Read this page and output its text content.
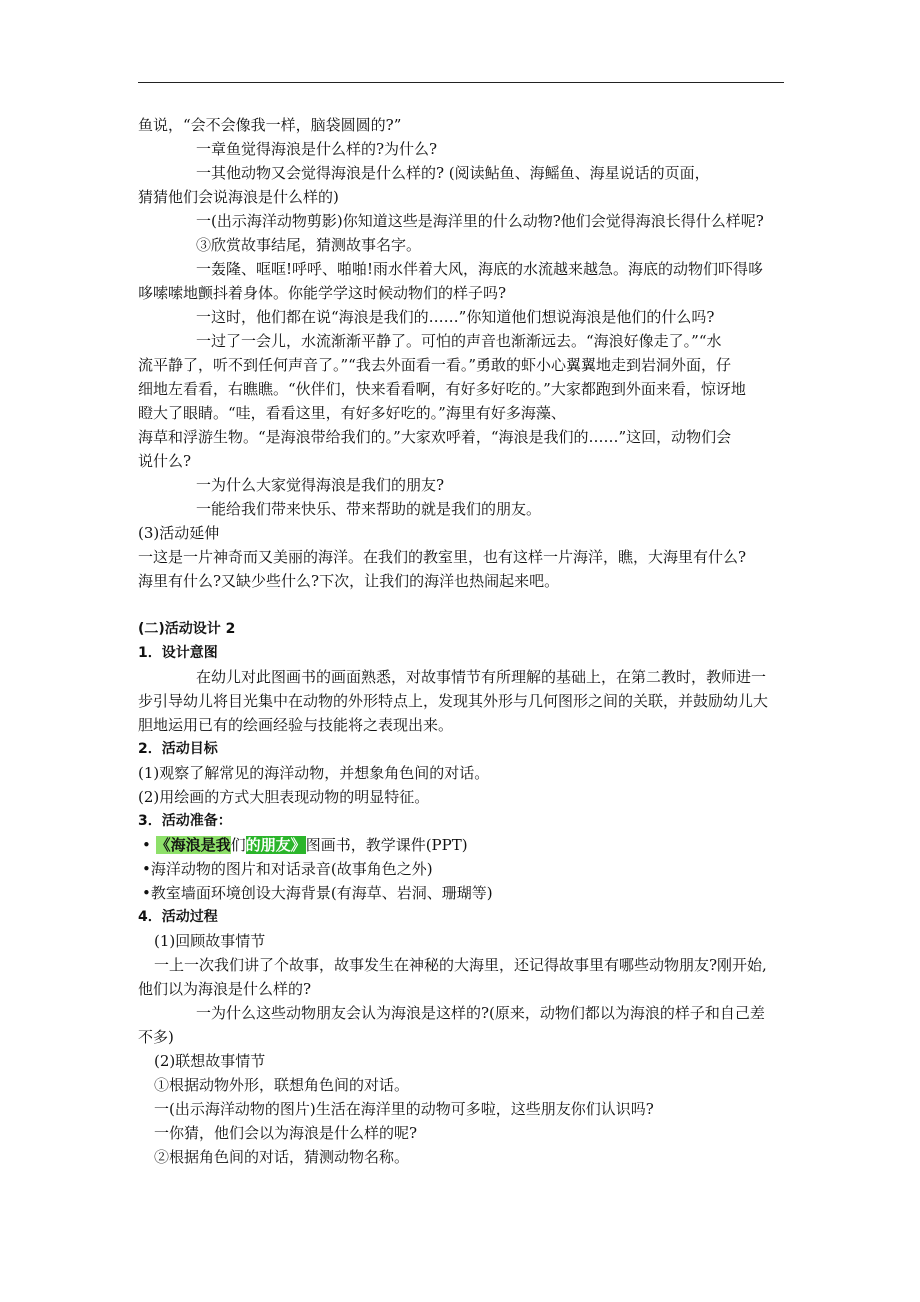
鱼说，“会不会像我一样，脑袋圆圆的?”
一章鱼觉得海浪是什么样的?为什么?
一其他动物又会觉得海浪是什么样的? (阅读鲇鱼、海鳐鱼、海星说话的页面，
猜猜他们会说海浪是什么样的)
一(出示海洋动物剪影)你知道这些是海洋里的什么动物?他们会觉得海浪长得什么样呢?
③欣赏故事结尾，猜测故事名字。
一轰隆、哐哐!呼呼、啪啪!雨水伴着大风，海底的水流越来越急。海底的动物们吓得哆
哆嗦嗦地颤抖着身体。你能学学这时候动物们的样子吗?
一这时，他们都在说“海浪是我们的……”你知道他们想说海浪是他们的什么吗?
一过了一会儿，水流渐渐平静了。可怕的声音也渐渐远去。“海浪好像走了。”“水
流平静了，听不到任何声音了。”“我去外面看一看。”勇敢的虾小心翼翼地走到岩洞外面，仔
细地左看看，右瞧瞧。“伙伴们，快来看看啊，有好多好吃的。”大家都跑到外面来看，惊讶地
瞪大了眼睛。“哇，看看这里，有好多好吃的。”海里有好多海藻、
海草和浮游生物。“是海浪带给我们的。”大家欢呼着，“海浪是我们的……”这回，动物们会
说什么?
一为什么大家觉得海浪是我们的朋友?
一能给我们带来快乐、带来帮助的就是我们的朋友。
(3)活动延伸
一这是一片神奇而又美丽的海洋。在我们的教室里，也有这样一片海洋，瞧，大海里有什么?
海里有什么?又缺少些什么?下次，让我们的海洋也热闹起来吧。
(二)活动设计 2
1．设计意图
在幼儿对此图画书的画面熟悉，对故事情节有所理解的基础上，在第二教时，教师进一
步引导幼儿将目光集中在动物的外形特点上，发现其外形与几何图形之间的关联，并鼓励幼儿大
胆地运用已有的绘画经验与技能将之表现出来。
2．活动目标
(1)观察了解常见的海洋动物，并想象角色间的对话。
(2)用绘画的方式大胆表现动物的明显特征。
3．活动准备：
• 《海浪是我们的朋友》图画书，教学课件(PPT)
•海洋动物的图片和对话录音(故事角色之外)
•教室墙面环境创设大海背景(有海草、岩洞、珊瑚等)
4．活动过程
(1)回顾故事情节
一上一次我们讲了个故事，故事发生在神秘的大海里，还记得故事里有哪些动物朋友?刚开始,
他们以为海浪是什么样的?
一为什么这些动物朋友会认为海浪是这样的?(原来，动物们都以为海浪的样子和自己差
不多)
(2)联想故事情节
①根据动物外形，联想角色间的对话。
一(出示海洋动物的图片)生活在海洋里的动物可多啦，这些朋友你们认识吗?
一你猜，他们会以为海浪是什么样的呢?
②根据角色间的对话，猜测动物名称。
